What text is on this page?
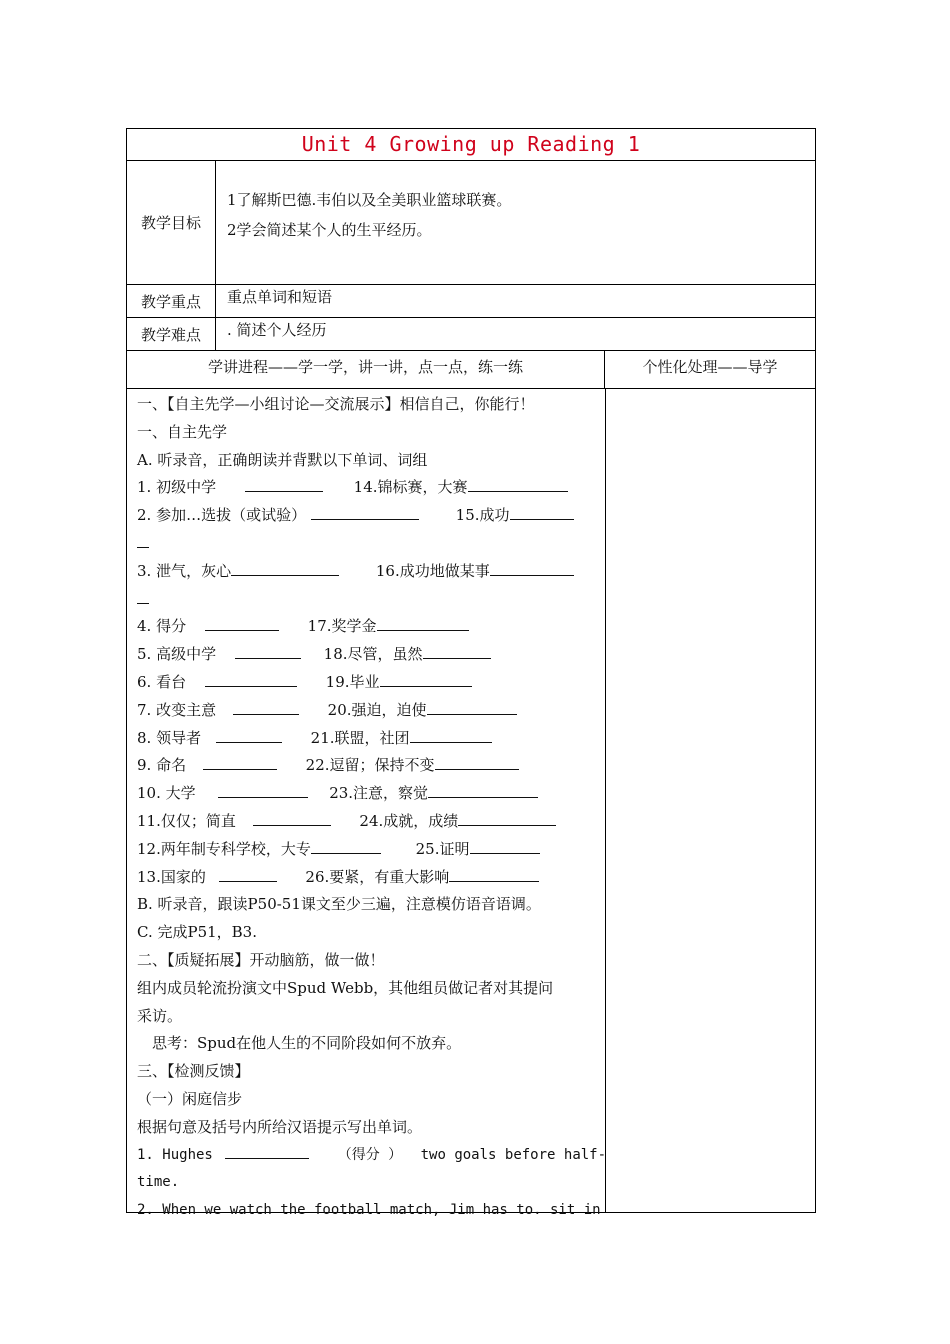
Unit 4 Growing up Reading 1
教学目标
1了解斯巴德.韦伯以及全美职业篮球联赛。
2学会简述某个人的生平经历。
教学重点	重点单词和短语
教学难点	. 简述个人经历
学讲进程——学一学，讲一讲，点一点，练一练	个性化处理——导学
一、【自主先学—小组讨论—交流展示】相信自己，你能行！
一、自主先学
A. 听录音，正确朗读并背默以下单词、词组
1. 初级中学	14.锦标赛，大赛
2. 参加…选拔（或试验）	15.成功
3. 泄气，灰心	16.成功地做某事
4. 得分	17.奖学金
5. 高级中学	18.尽管，虽然
6. 看台	19.毕业
7. 改变主意	20.强迫，迫使
8. 领导者	21.联盟，社团
9. 命名	22.逗留；保持不变
10. 大学	23.注意，察觉
11.仅仅；简直	24.成就，成绩
12.两年制专科学校，大专	25.证明
13.国家的	26.要紧，有重大影响
B. 听录音，跟读P50-51课文至少三遍，注意模仿语音语调。
C. 完成P51，B3.
二、【质疑拓展】开动脑筋，做一做！
组内成员轮流扮演文中Spud Webb，其他组员做记者对其提问
采访。
思考：Spud在他人生的不同阶段如何不放弃。
三、【检测反馈】
（一）闲庭信步
根据句意及括号内所给汉语提示写出单词。
1. Hughes	（得分 ） two goals before half-
time.
2. When we watch the football match, Jim has to. sit in
